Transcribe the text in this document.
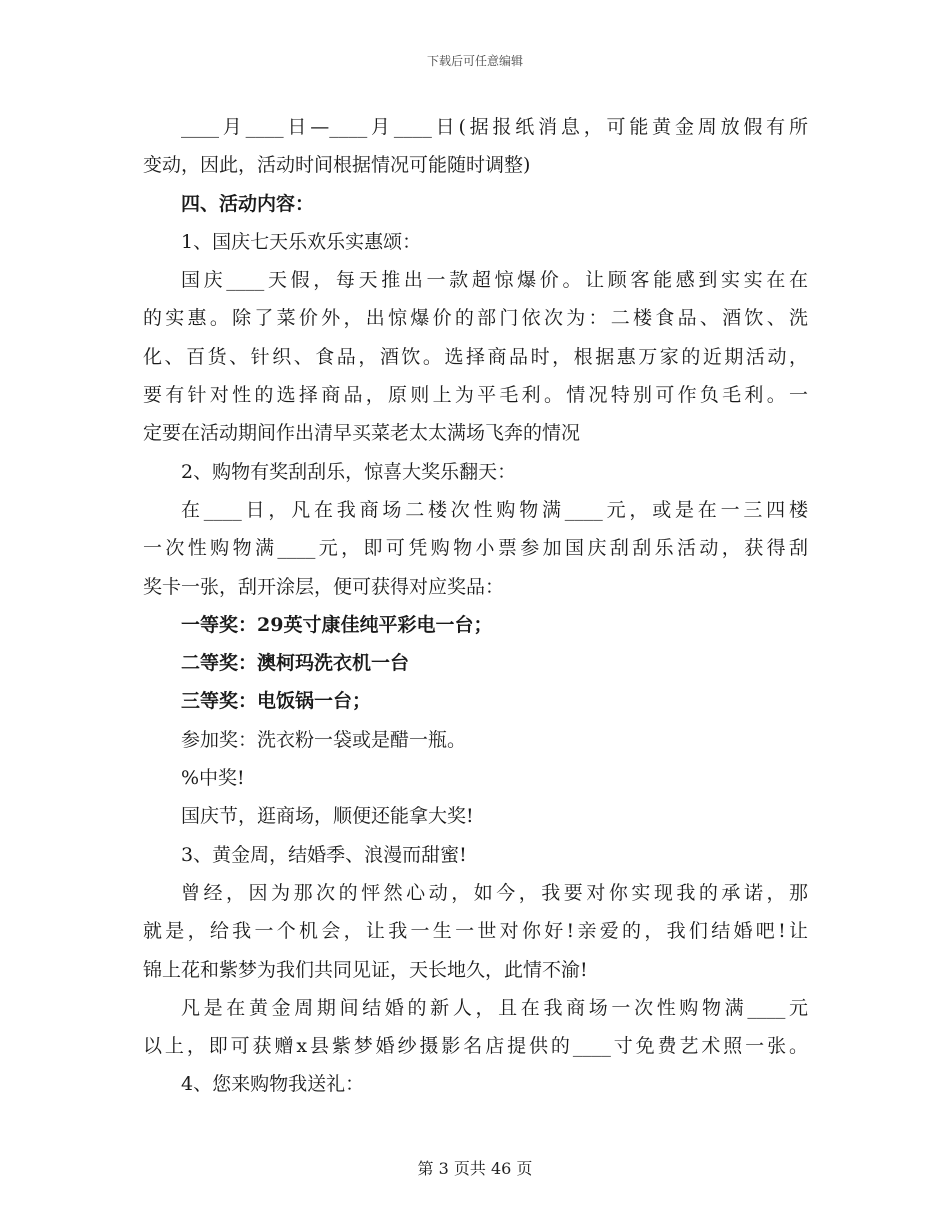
下载后可任意编辑
____月____日—____月____日(据报纸消息，可能黄金周放假有所
变动，因此，活动时间根据情况可能随时调整)
四、活动内容：
1、国庆七天乐欢乐实惠颂：
国庆____天假，每天推出一款超惊爆价。让顾客能感到实实在在
的实惠。除了菜价外，出惊爆价的部门依次为：二楼食品、酒饮、洗
化、百货、针织、食品，酒饮。选择商品时，根据惠万家的近期活动，
要有针对性的选择商品，原则上为平毛利。情况特别可作负毛利。一
定要在活动期间作出清早买菜老太太满场飞奔的情况
2、购物有奖刮刮乐，惊喜大奖乐翻天：
在____日，凡在我商场二楼次性购物满____元，或是在一三四楼
一次性购物满____元，即可凭购物小票参加国庆刮刮乐活动，获得刮
奖卡一张，刮开涂层，便可获得对应奖品：
一等奖：29英寸康佳纯平彩电一台；
二等奖：澳柯玛洗衣机一台
三等奖：电饭锅一台；
参加奖：洗衣粉一袋或是醋一瓶。
%中奖!
国庆节，逛商场，顺便还能拿大奖!
3、黄金周，结婚季、浪漫而甜蜜!
曾经，因为那次的怦然心动，如今，我要对你实现我的承诺，那
就是，给我一个机会，让我一生一世对你好!亲爱的，我们结婚吧!让
锦上花和紫梦为我们共同见证，天长地久，此情不渝!
凡是在黄金周期间结婚的新人，且在我商场一次性购物满____元
以上，即可获赠x县紫梦婚纱摄影名店提供的____寸免费艺术照一张。
4、您来购物我送礼：
第 3 页共 46 页
